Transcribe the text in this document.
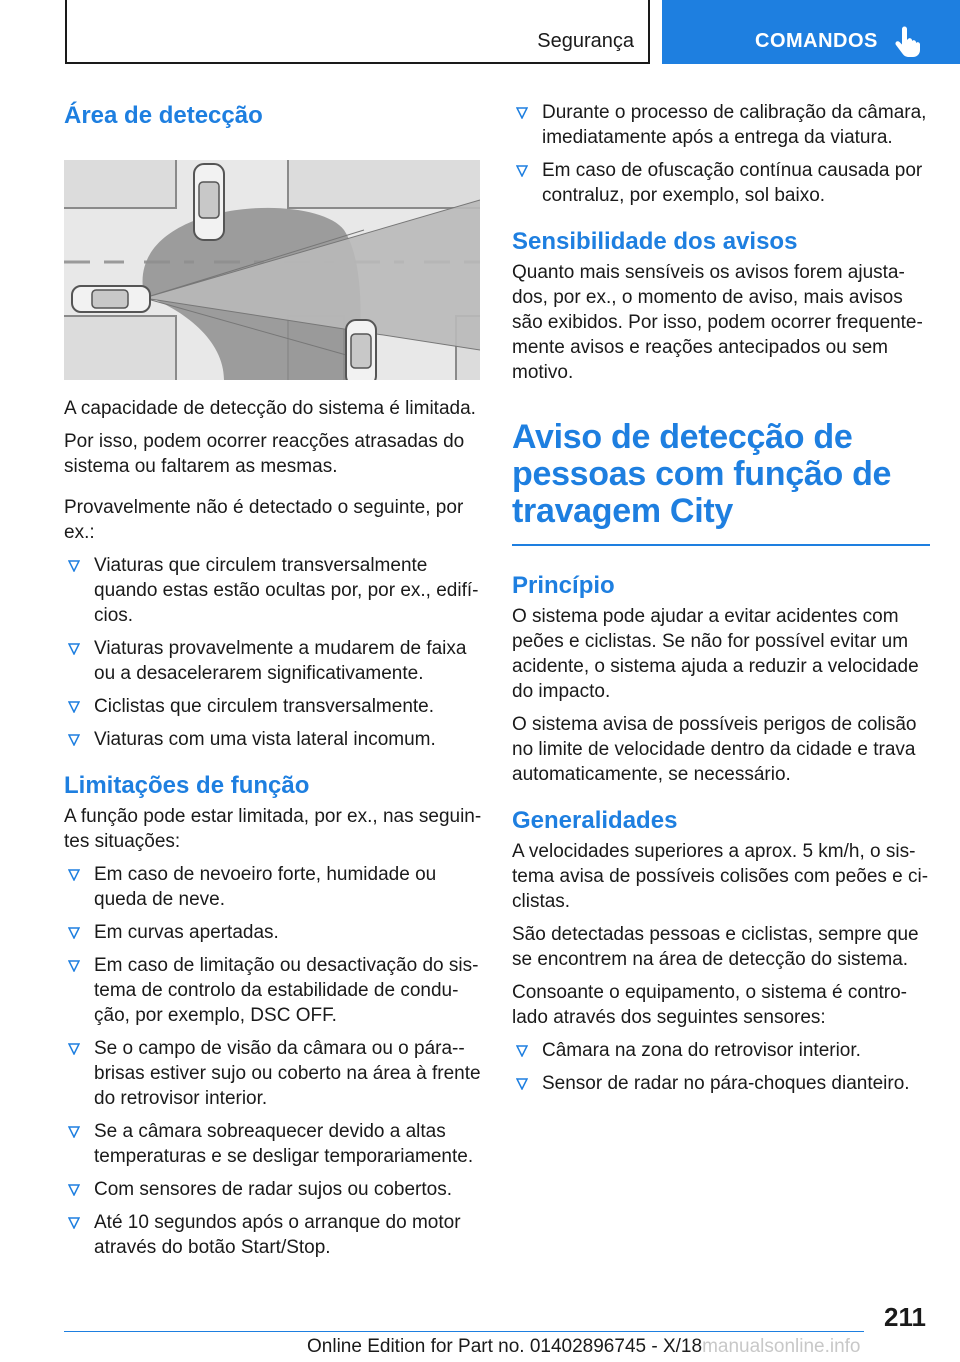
Segurança	COMANDOS
Área de detecção

A capacidade de detecção do sistema é limitada.

Por isso, podem ocorrer reacções atrasadas do sistema ou faltarem as mesmas.

Provavelmente não é detectado o seguinte, por ex.:

Viaturas que circulem transversalmente quando estas estão ocultas por, por ex., edifí‐cios.
Viaturas provavelmente a mudarem de faixa ou a desacelerarem significativamente.
Ciclistas que circulem transversalmente.
Viaturas com uma vista lateral incomum.
Limitações de função

A função pode estar limitada, por ex., nas seguin‐tes situações:

Em caso de nevoeiro forte, humidade ou queda de neve.
Em curvas apertadas.
Em caso de limitação ou desactivação do sis‐tema de controlo da estabilidade de condu‐ção, por exemplo, DSC OFF.
Se o campo de visão da câmara ou o pára-‐brisas estiver sujo ou coberto na área à frente do retrovisor interior.
Se a câmara sobreaquecer devido a altas temperaturas e se desligar temporariamente.
Com sensores de radar sujos ou cobertos.
Até 10 segundos após o arranque do motor através do botão Start/Stop.
Durante o processo de calibração da câmara, imediatamente após a entrega da viatura.
Em caso de ofuscação contínua causada por contraluz, por exemplo, sol baixo.
Sensibilidade dos avisos

Quanto mais sensíveis os avisos forem ajusta‐dos, por ex., o momento de aviso, mais avisos são exibidos. Por isso, podem ocorrer frequente‐mente avisos e reações antecipados ou sem motivo.

Aviso de detecção de pessoas com função de travagem City
Princípio

O sistema pode ajudar a evitar acidentes com peões e ciclistas. Se não for possível evitar um acidente, o sistema ajuda a reduzir a velocidade do impacto.

O sistema avisa de possíveis perigos de colisão no limite de velocidade dentro da cidade e trava automaticamente, se necessário.

Generalidades

A velocidades superiores a aprox. 5 km/h, o sis‐tema avisa de possíveis colisões com peões e ci‐clistas.

São detectadas pessoas e ciclistas, sempre que se encontrem na área de detecção do sistema.

Consoante o equipamento, o sistema é contro‐lado através dos seguintes sensores:

Câmara na zona do retrovisor interior.
Sensor de radar no pára-choques dianteiro.
211
Online Edition for Part no. 01402896745 - X/18manualsonline.info
